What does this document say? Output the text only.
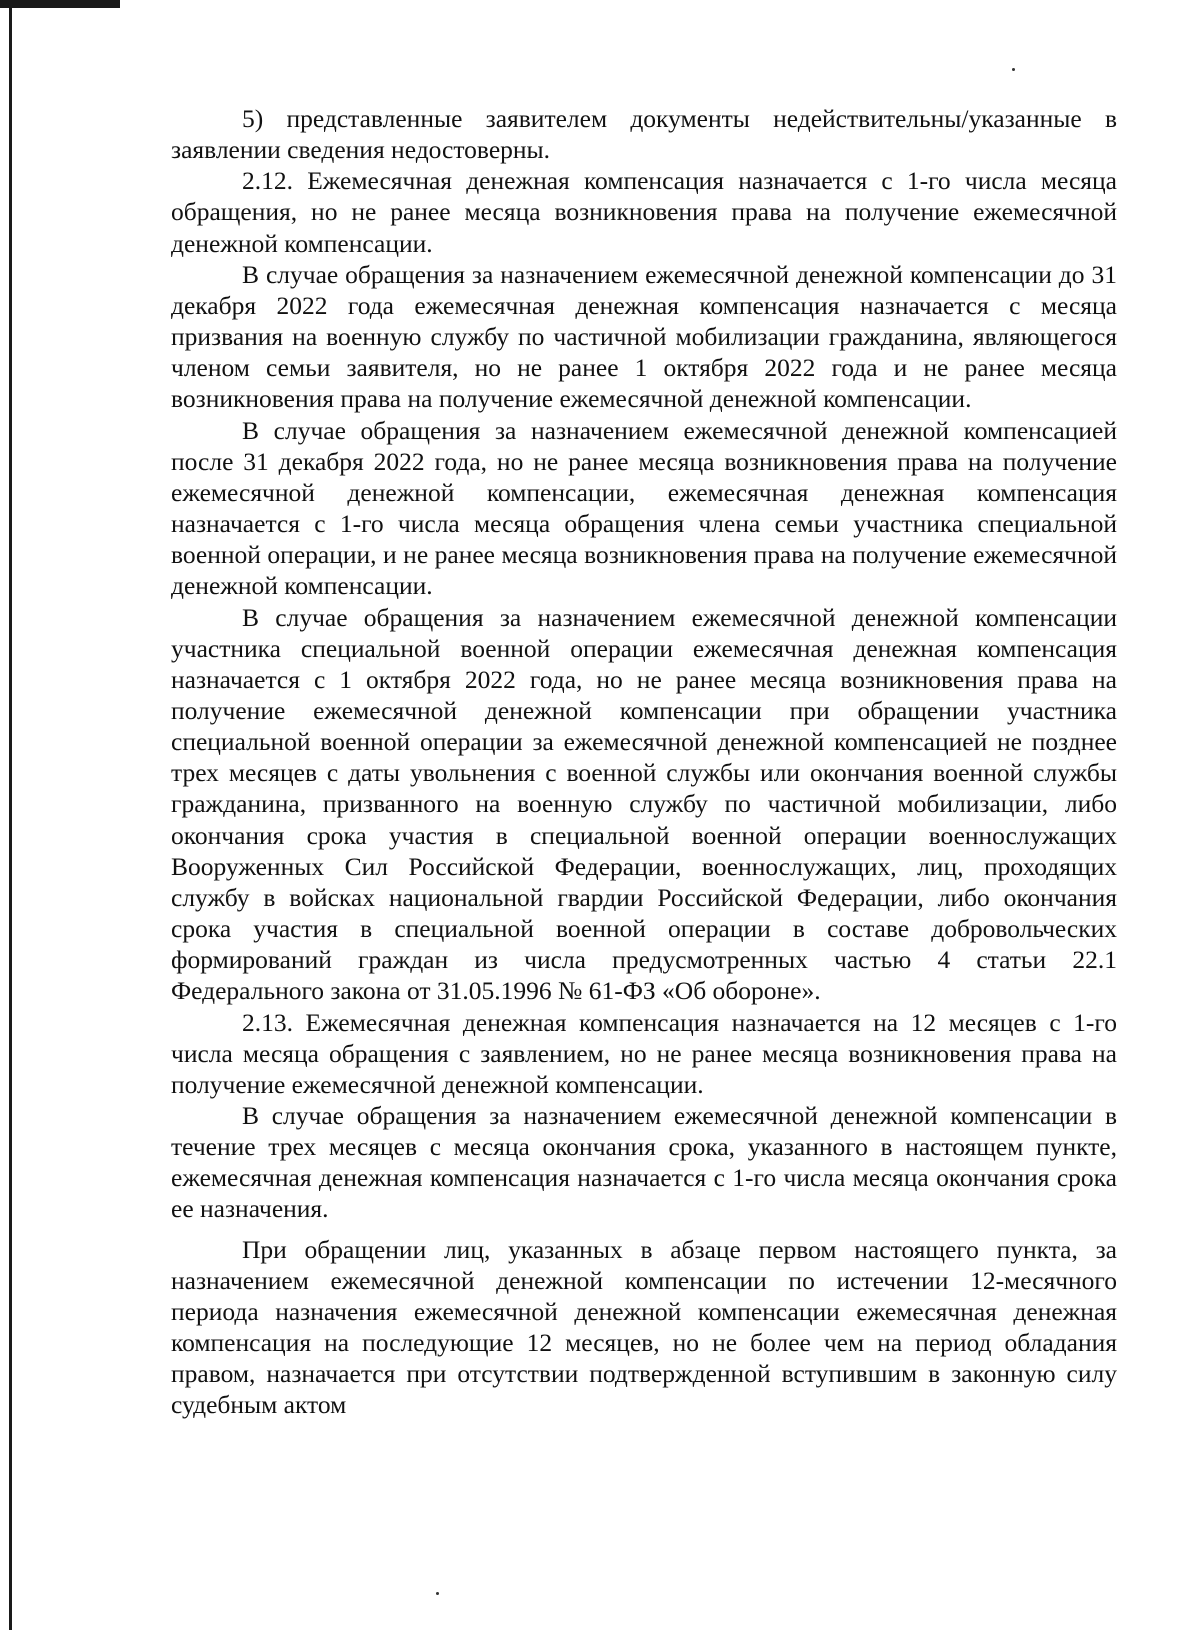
5) представленные заявителем документы недействительны/указанные в заявлении сведения недостоверны.

2.12. Ежемесячная денежная компенсация назначается с 1-го числа месяца обращения, но не ранее месяца возникновения права на получение ежемесячной денежной компенсации.

В случае обращения за назначением ежемесячной денежной компенсации до 31 декабря 2022 года ежемесячная денежная компенсация назначается с месяца призвания на военную службу по частичной мобилизации гражданина, являющегося членом семьи заявителя, но не ранее 1 октября 2022 года и не ранее месяца возникновения права на получение ежемесячной денежной компенсации.

В случае обращения за назначением ежемесячной денежной компенсацией после 31 декабря 2022 года, но не ранее месяца возникновения права на получение ежемесячной денежной компенсации, ежемесячная денежная компенсация назначается с 1-го числа месяца обращения члена семьи участника специальной военной операции, и не ранее месяца возникновения права на получение ежемесячной денежной компенсации.

В случае обращения за назначением ежемесячной денежной компенсации участника специальной военной операции ежемесячная денежная компенсация назначается с 1 октября 2022 года, но не ранее месяца возникновения права на получение ежемесячной денежной компенсации при обращении участника специальной военной операции за ежемесячной денежной компенсацией не позднее трех месяцев с даты увольнения с военной службы или окончания военной службы гражданина, призванного на военную службу по частичной мобилизации, либо окончания срока участия в специальной военной операции военнослужащих Вооруженных Сил Российской Федерации, военнослужащих, лиц, проходящих службу в войсках национальной гвардии Российской Федерации, либо окончания срока участия в специальной военной операции в составе добровольческих формирований граждан из числа предусмотренных частью 4 статьи 22.1 Федерального закона от 31.05.1996 № 61-ФЗ «Об обороне».

2.13. Ежемесячная денежная компенсация назначается на 12 месяцев с 1-го числа месяца обращения с заявлением, но не ранее месяца возникновения права на получение ежемесячной денежной компенсации.

В случае обращения за назначением ежемесячной денежной компенсации в течение трех месяцев с месяца окончания срока, указанного в настоящем пункте, ежемесячная денежная компенсация назначается с 1-го числа месяца окончания срока ее назначения.

При обращении лиц, указанных в абзаце первом настоящего пункта, за назначением ежемесячной денежной компенсации по истечении 12-месячного периода назначения ежемесячной денежной компенсации ежемесячная денежная компенсация на последующие 12 месяцев, но не более чем на период обладания правом, назначается при отсутствии подтвержденной вступившим в законную силу судебным актом
